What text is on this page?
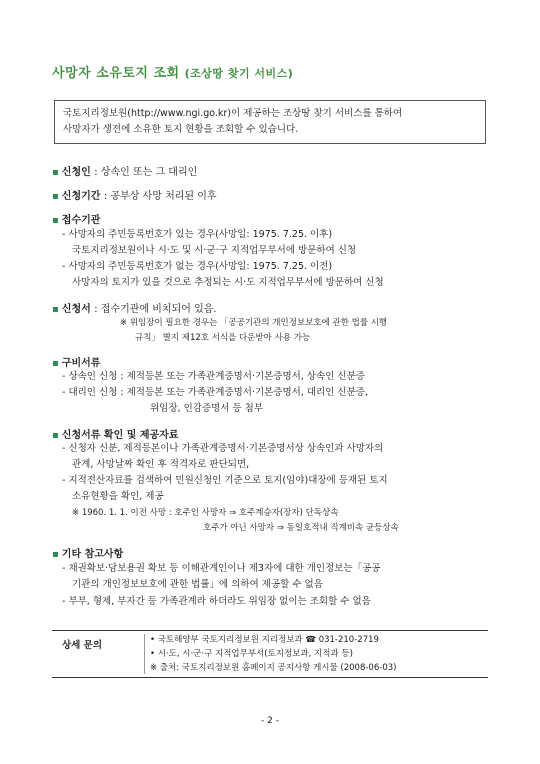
사망자 소유토지 조회 (조상땅 찾기 서비스)
국토지리정보원(http://www.ngi.go.kr)이 제공하는 조상땅 찾기 서비스를 통하여
사망자가 생전에 소유한 토지 현황을 조회할 수 있습니다.
▪ 신청인 : 상속인 또는 그 대리인
▪ 신청기간 : 공부상 사망 처리된 이후
▪ 접수기관
- 사망자의 주민등록번호가 있는 경우(사망일: 1975. 7.25. 이후)
국토지리정보원이나 시·도 및 시·군·구 지적업무부서에 방문하여 신청
- 사망자의 주민등록번호가 없는 경우(사망일: 1975. 7.25. 이전)
사망자의 토지가 있을 것으로 추정되는 시·도 지적업무부서에 방문하여 신청
▪ 신청서 : 접수기관에 비치되어 있음.
※ 위임장이 필요한 경우는 「공공기관의 개인정보보호에 관한 법률 시행
규칙」 별지 제12호 서식을 다운받아 사용 가능
▪ 구비서류
- 상속인 신청 : 제적등본 또는 가족관계증명서·기본증명서, 상속인 신분증
- 대리인 신청 : 제적등본 또는 가족관계증명서·기본증명서, 대리인 신분증,
위임장, 인감증명서 등 첨부
▪ 신청서류 확인 및 제공자료
- 신청자 신분, 제적등본이나 가족관계증명서·기본증명서상 상속인과 사망자의
관계, 사망날짜 확인 후 적격자로 판단되면,
- 지적전산자료를 검색하여 민원신청인 기준으로 토지(임야)대장에 등재된 토지
소유현황을 확인, 제공
※ 1960. 1. 1. 이전 사망 : 호주인 사망자 ⇒ 호주계승자(장자) 단독상속
호주가 아닌 사망자 ⇒ 동일호적내 직계비속 균등상속
▪ 기타 참고사항
- 채권확보·담보용권 확보 등 이해관계인이나 제3자에 대한 개인정보는「공공
기관의 개인정보보호에 관한 법률」에 의하여 제공할 수 없음
- 부부, 형제, 부자간 등 가족관계라 하더라도 위임장 없이는 조회할 수 없음
상세 문의	• 국토해양부 국토지리정보원 지리정보과 ☎ 031-210-2719
• 시·도, 시·군·구 지적업무부서(토지정보과, 지적과 등)
※ 출처: 국토지리정보원 홈페이지 공지사항 게시물 (2008-06-03)
- 2 -
